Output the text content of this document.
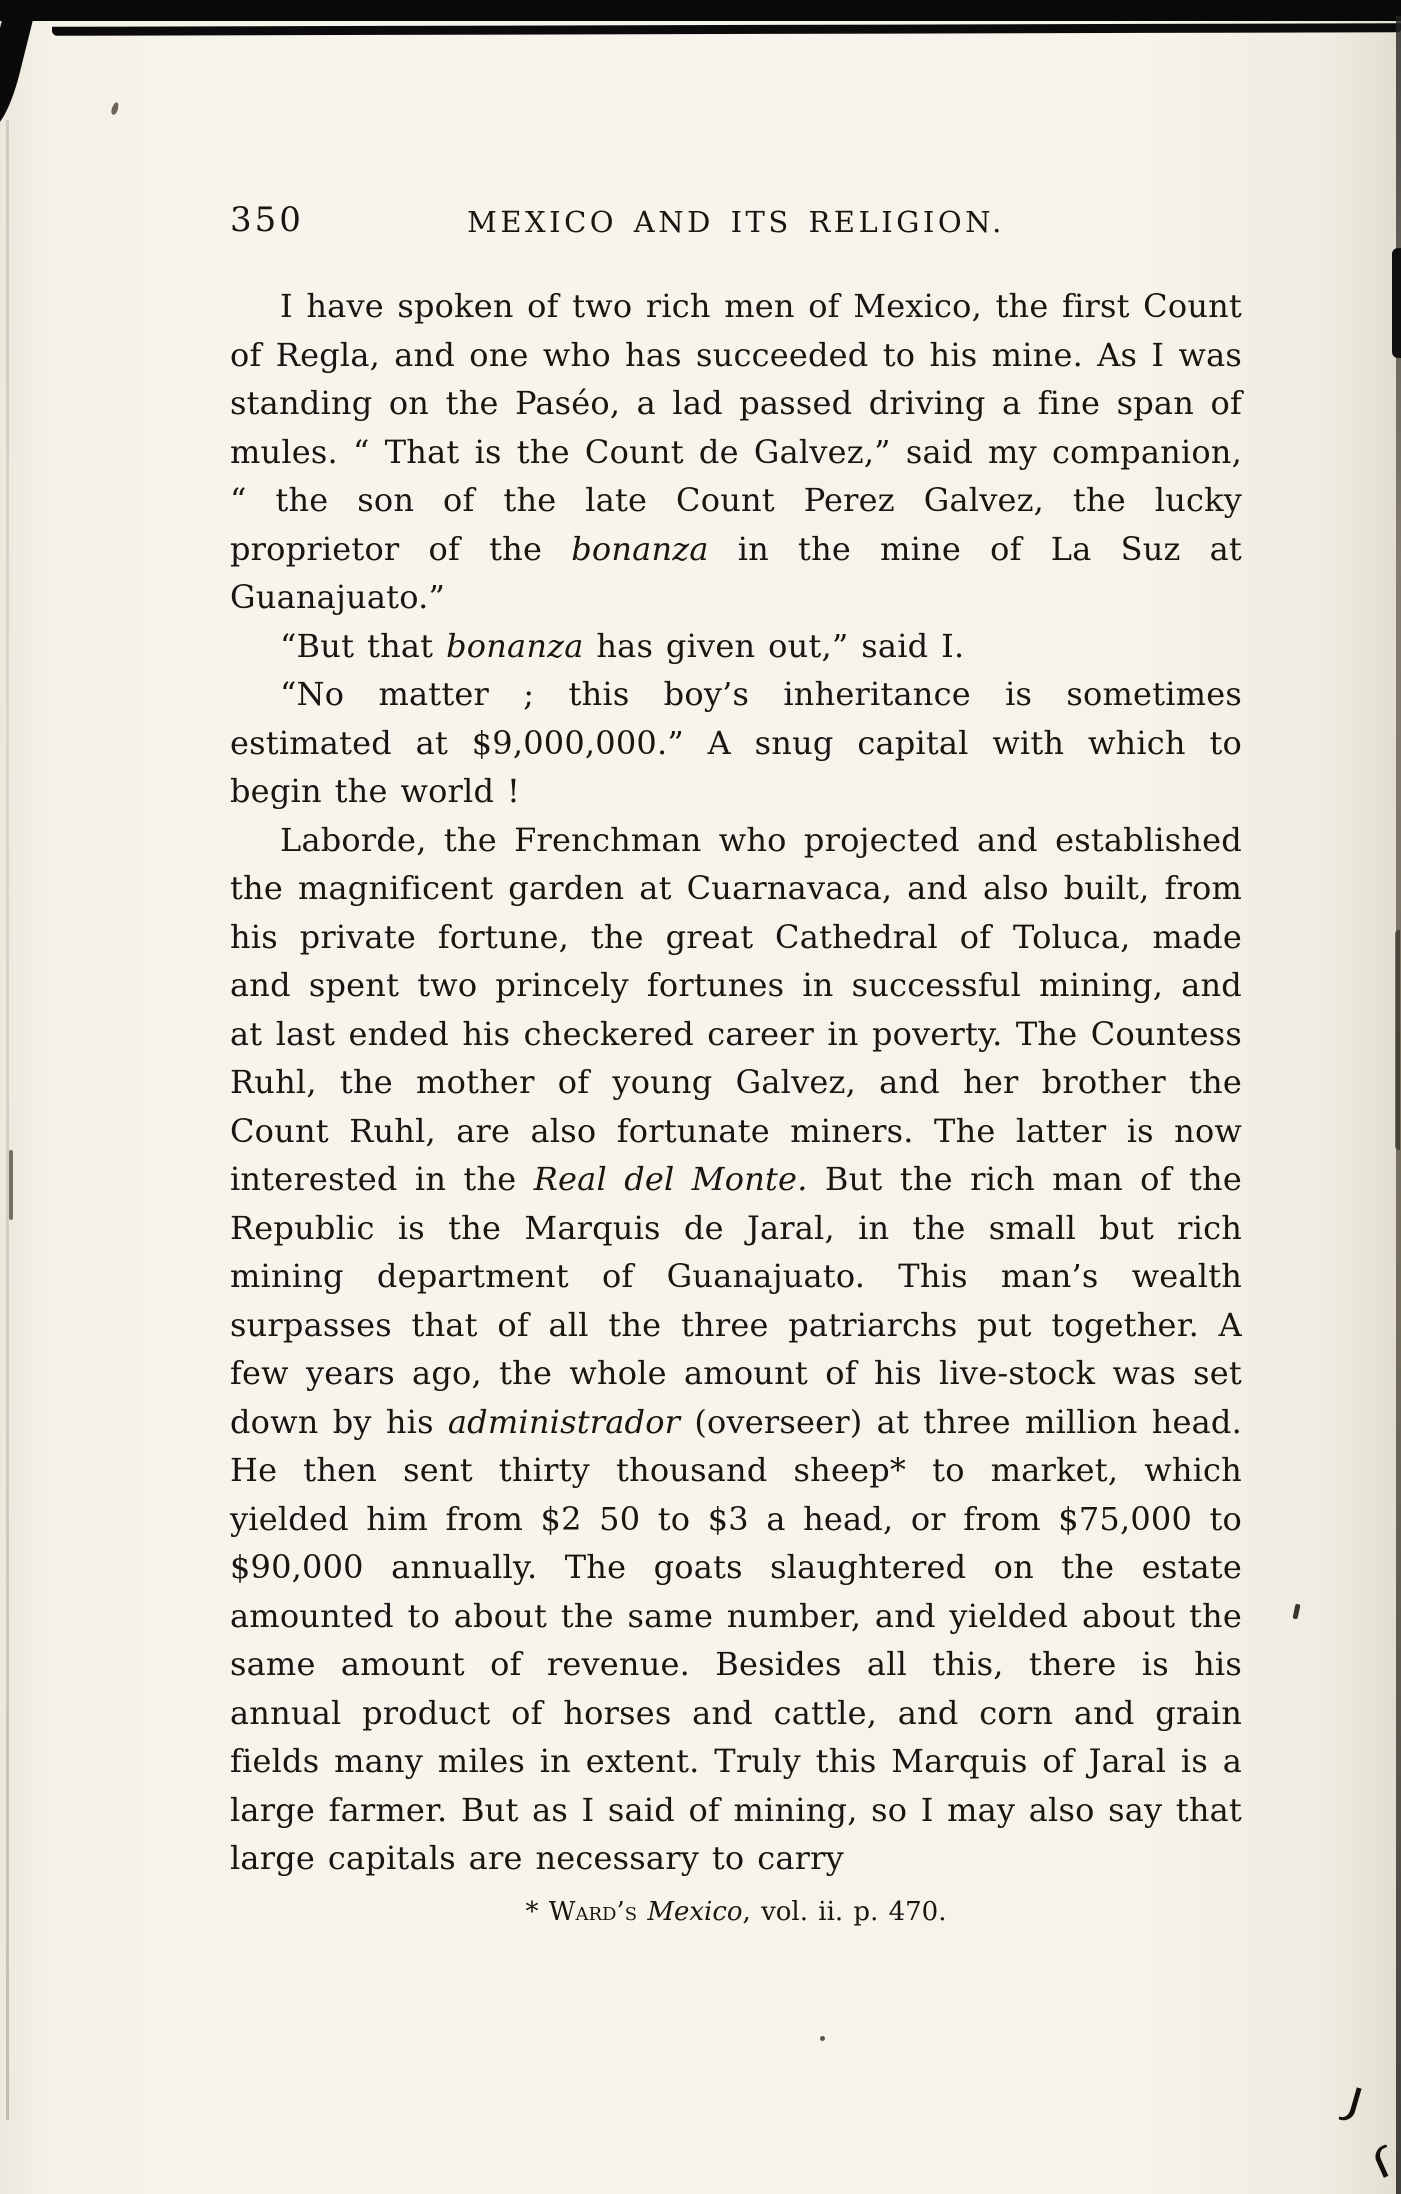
350	MEXICO AND ITS RELIGION.

I have spoken of two rich men of Mexico, the first Count of Regla, and one who has succeeded to his mine. As I was standing on the Paséo, a lad passed driving a fine span of mules. “ That is the Count de Galvez,” said my companion, “ the son of the late Count Perez Galvez, the lucky proprietor of the bonanza in the mine of La Suz at Guanajuato.”

“But that bonanza has given out,” said I.

“No matter ; this boy’s inheritance is sometimes estimated at $9,000,000.” A snug capital with which to begin the world !

Laborde, the Frenchman who projected and established the magnificent garden at Cuarnavaca, and also built, from his private fortune, the great Cathedral of Toluca, made and spent two princely fortunes in successful mining, and at last ended his checkered career in poverty. The Countess Ruhl, the mother of young Galvez, and her brother the Count Ruhl, are also fortunate miners. The latter is now interested in the Real del Monte. But the rich man of the Republic is the Marquis de Jaral, in the small but rich mining department of Guanajuato. This man’s wealth surpasses that of all the three patriarchs put together. A few years ago, the whole amount of his live-stock was set down by his administrador (overseer) at three million head. He then sent thirty thousand sheep* to market, which yielded him from $2 50 to $3 a head, or from $75,000 to $90,000 annually. The goats slaughtered on the estate amounted to about the same number, and yielded about the same amount of revenue. Besides all this, there is his annual product of horses and cattle, and corn and grain fields many miles in extent. Truly this Marquis of Jaral is a large farmer. But as I said of mining, so I may also say that large capitals are necessary to carry

* Ward’s Mexico, vol. ii. p. 470.
